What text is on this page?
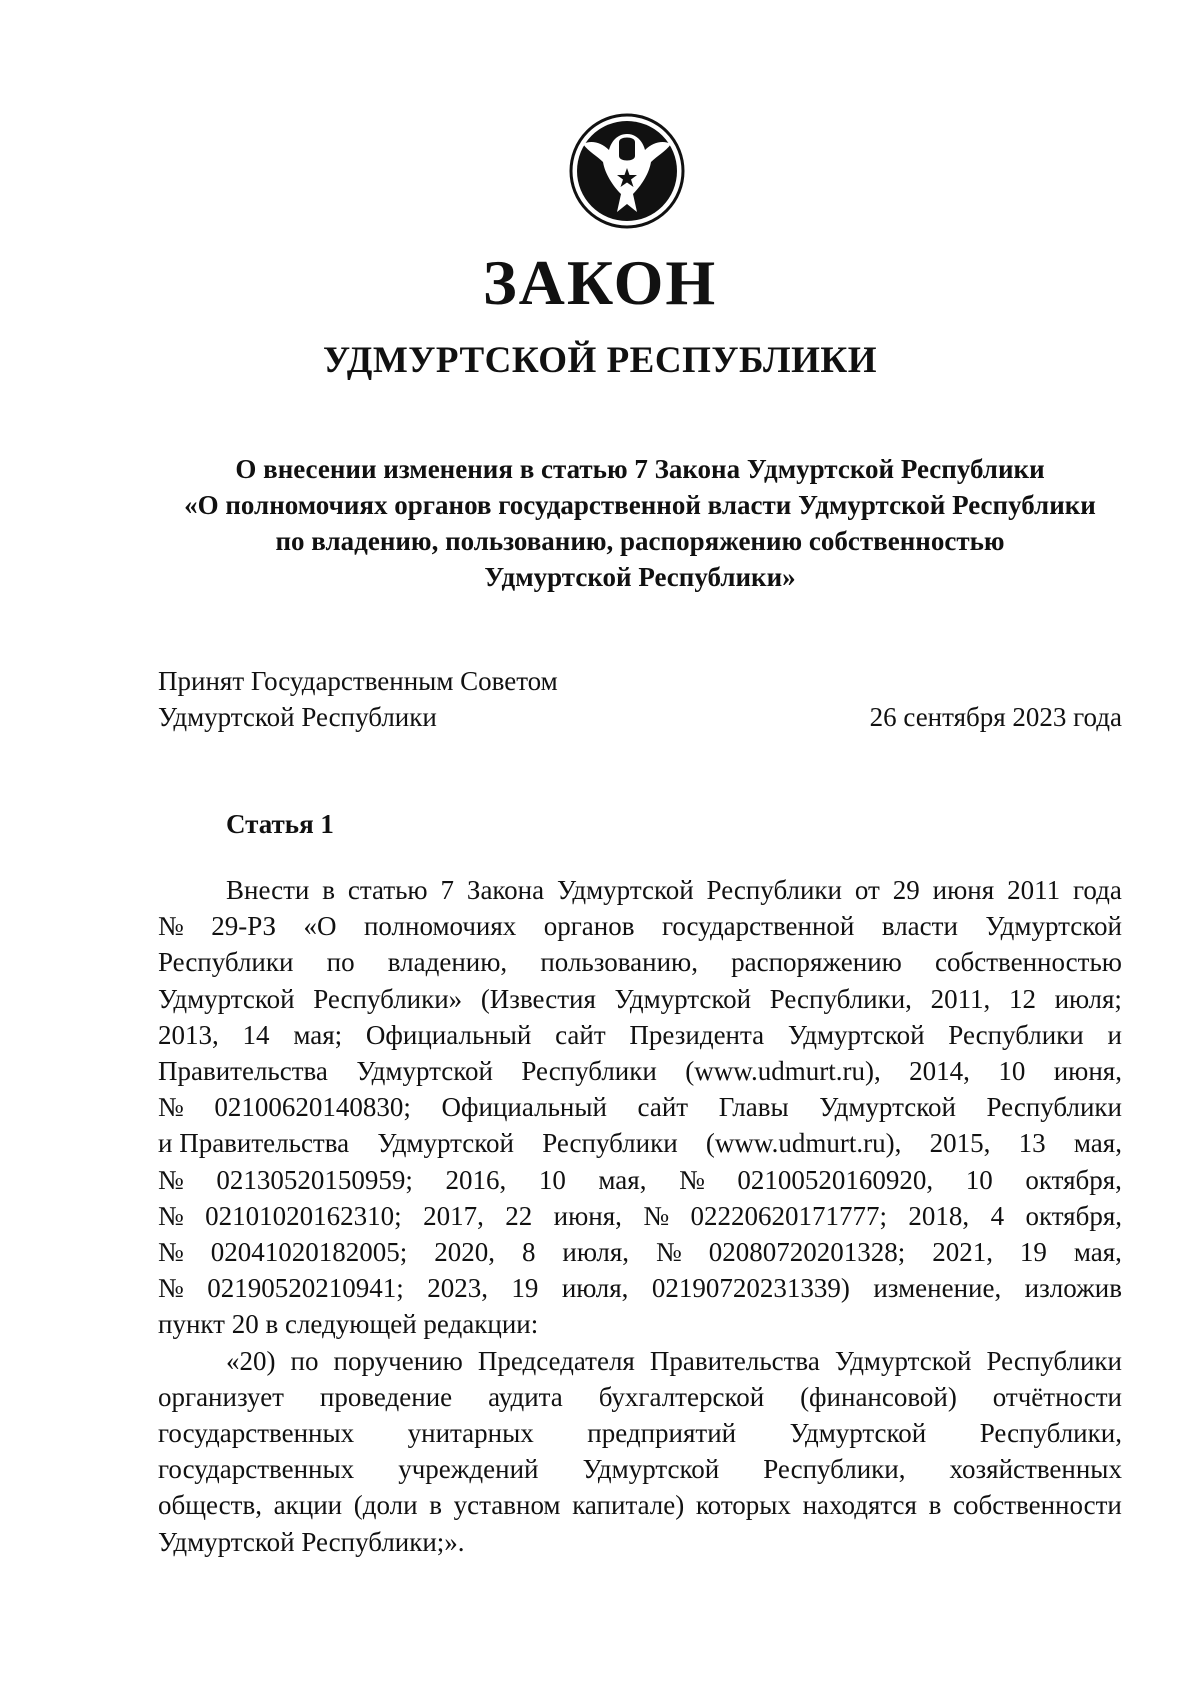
ЗАКОН
УДМУРТСКОЙ РЕСПУБЛИКИ
О внесении изменения в статью 7 Закона Удмуртской Республики
«О полномочиях органов государственной власти Удмуртской Республики
по владению, пользованию, распоряжению собственностью
Удмуртской Республики»
Принят Государственным Советом
Удмуртской Республики	26 сентября 2023 года
Статья 1
Внести в статью 7 Закона Удмуртской Республики от 29 июня 2011 года
№ 29-РЗ «О полномочиях органов государственной власти Удмуртской
Республики по владению, пользованию, распоряжению собственностью
Удмуртской Республики» (Известия Удмуртской Республики, 2011, 12 июля;
2013, 14 мая; Официальный сайт Президента Удмуртской Республики и
Правительства Удмуртской Республики (www.udmurt.ru), 2014, 10 июня,
№ 02100620140830; Официальный сайт Главы Удмуртской Республики
и Правительства Удмуртской Республики (www.udmurt.ru), 2015, 13 мая,
№ 02130520150959; 2016, 10 мая, № 02100520160920, 10 октября,
№ 02101020162310; 2017, 22 июня, № 02220620171777; 2018, 4 октября,
№ 02041020182005; 2020, 8 июля, № 02080720201328; 2021, 19 мая,
№ 02190520210941; 2023, 19 июля, 02190720231339) изменение, изложив
пункт 20 в следующей редакции:
«20) по поручению Председателя Правительства Удмуртской Республики
организует проведение аудита бухгалтерской (финансовой) отчётности
государственных унитарных предприятий Удмуртской Республики,
государственных учреждений Удмуртской Республики, хозяйственных
обществ, акции (доли в уставном капитале) которых находятся в собственности
Удмуртской Республики;».
